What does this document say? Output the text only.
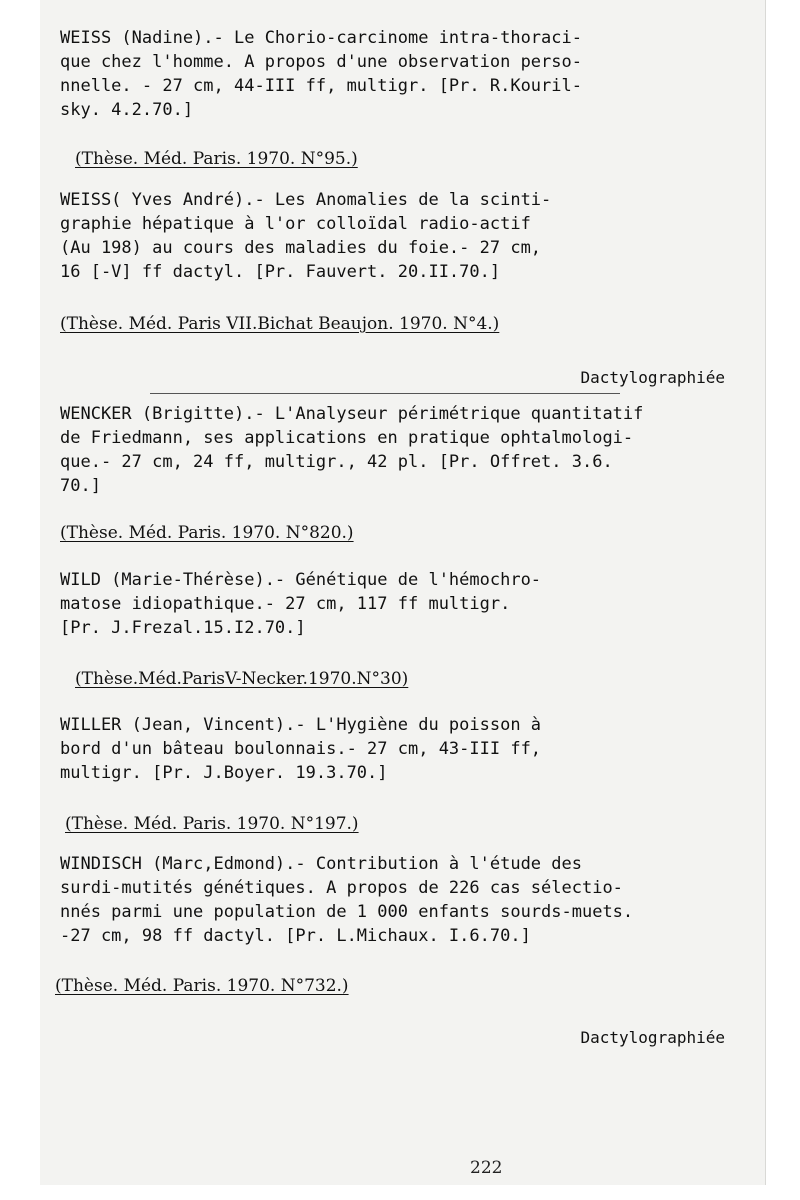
WEISS (Nadine).- Le Chorio-carcinome intra-thoraci-
que chez l'homme. A propos d'une observation perso-
nnelle. - 27 cm, 44-III ff, multigr. [Pr. R.Kouril-
sky. 4.2.70.]
(Thèse. Méd. Paris. 1970. N°95.)
WEISS( Yves André).- Les Anomalies de la scinti-
graphie hépatique à l'or colloïdal radio-actif
(Au 198) au cours des maladies du foie.- 27 cm,
16 [-V] ff dactyl. [Pr. Fauvert. 20.II.70.]
(Thèse. Méd. Paris VII.Bichat Beaujon. 1970. N°4.)
Dactylographiée
WENCKER (Brigitte).- L'Analyseur périmétrique quantitatif
de Friedmann, ses applications en pratique ophtalmologi-
que.- 27 cm, 24 ff, multigr., 42 pl. [Pr. Offret. 3.6.
70.]
(Thèse. Méd. Paris. 1970. N°820.)
WILD (Marie-Thérèse).- Génétique de l'hémochro-
matose idiopathique.- 27 cm, 117 ff multigr.
[Pr. J.Frezal.15.I2.70.]
(Thèse.Méd.ParisV-Necker.1970.N°30)
WILLER (Jean, Vincent).- L'Hygiène du poisson à
bord d'un bâteau boulonnais.- 27 cm, 43-III ff,
multigr. [Pr. J.Boyer. 19.3.70.]
(Thèse. Méd. Paris. 1970. N°197.)
WINDISCH (Marc,Edmond).- Contribution à l'étude des
surdi-mutités génétiques. A propos de 226 cas sélectio-
nnés parmi une population de 1 000 enfants sourds-muets.
-27 cm, 98 ff dactyl. [Pr. L.Michaux. I.6.70.]
(Thèse. Méd. Paris. 1970. N°732.)
Dactylographiée
222
